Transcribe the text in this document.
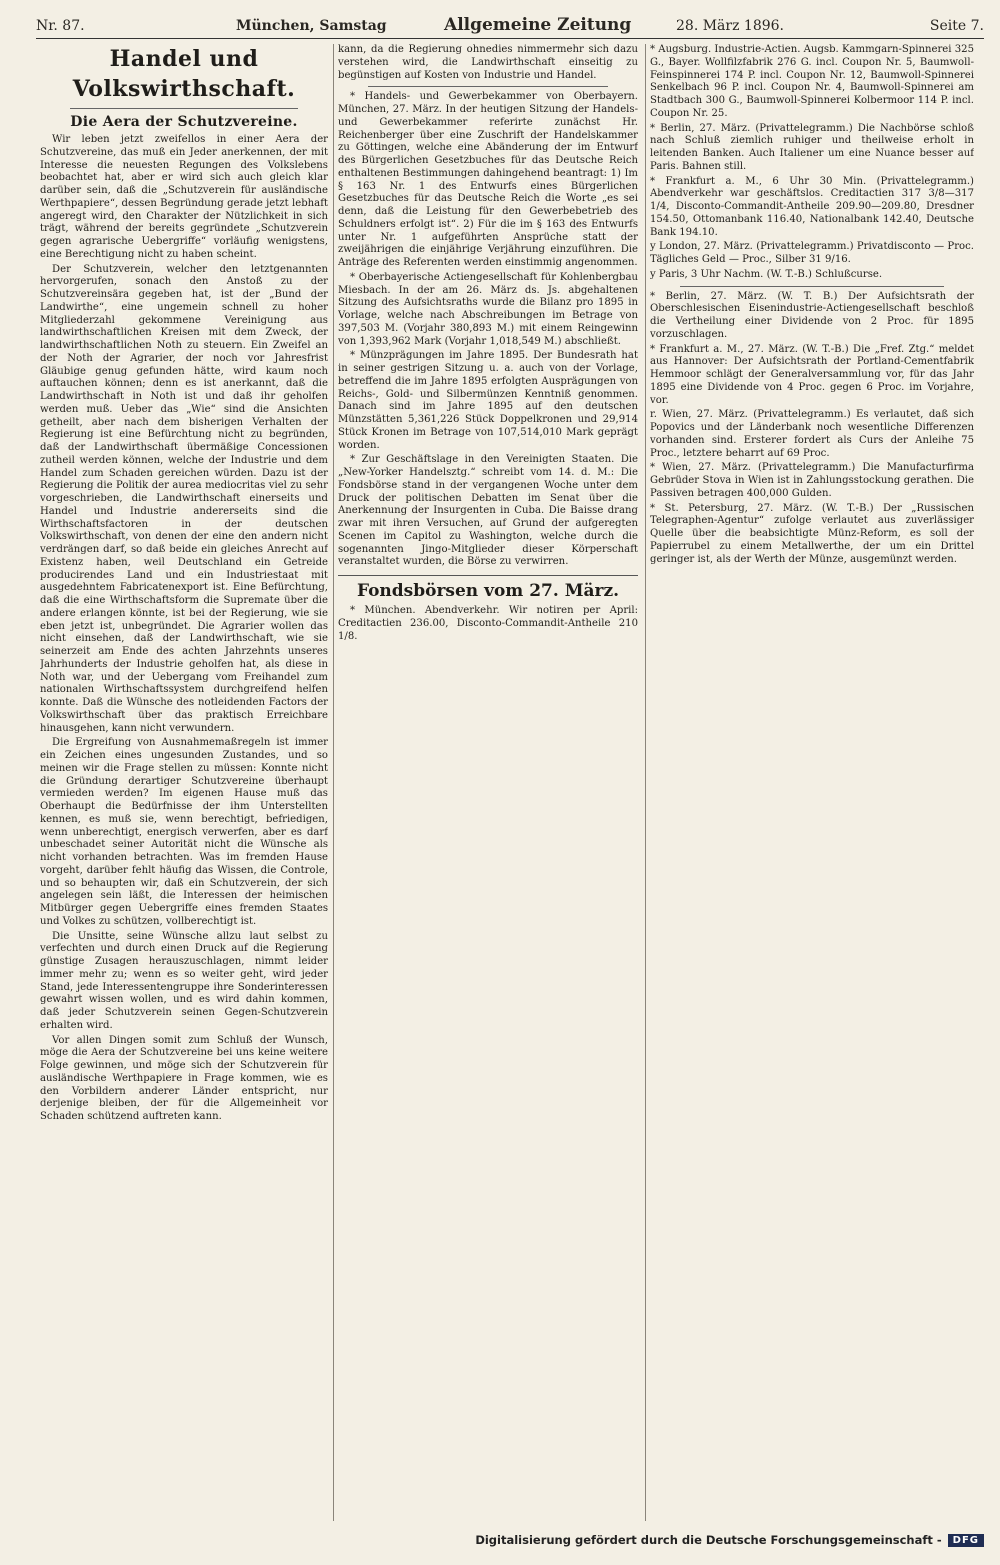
Nr. 87.	München, Samstag	Allgemeine Zeitung	28. März 1896.	Seite 7.
Handel und Volkswirthschaft.
Die Aera der Schutzvereine.

Wir leben jetzt zweifellos in einer Aera der Schutzvereine, das muß ein Jeder anerkennen, der mit Interesse die neuesten Regungen des Volkslebens beobachtet hat, aber er wird sich auch gleich klar darüber sein, daß die „Schutzverein für ausländische Werthpapiere“, dessen Begründung gerade jetzt lebhaft angeregt wird, den Charakter der Nützlichkeit in sich trägt, während der bereits gegründete „Schutzverein gegen agrarische Uebergriffe“ vorläufig wenigstens, eine Berechtigung nicht zu haben scheint.

Der Schutzverein, welcher den letztgenannten hervorgerufen, sonach den Anstoß zu der Schutzvereinsära gegeben hat, ist der „Bund der Landwirthe“, eine ungemein schnell zu hoher Mitgliederzahl gekommene Vereinigung aus landwirthschaftlichen Kreisen mit dem Zweck, der landwirthschaftlichen Noth zu steuern. Ein Zweifel an der Noth der Agrarier, der noch vor Jahresfrist Gläubige genug gefunden hätte, wird kaum noch auftauchen können; denn es ist anerkannt, daß die Landwirthschaft in Noth ist und daß ihr geholfen werden muß. Ueber das „Wie“ sind die Ansichten getheilt, aber nach dem bisherigen Verhalten der Regierung ist eine Befürchtung nicht zu begründen, daß der Landwirthschaft übermäßige Concessionen zutheil werden können, welche der Industrie und dem Handel zum Schaden gereichen würden. Dazu ist der Regierung die Politik der aurea mediocritas viel zu sehr vorgeschrieben, die Landwirthschaft einerseits und Handel und Industrie andererseits sind die Wirthschaftsfactoren in der deutschen Volkswirthschaft, von denen der eine den andern nicht verdrängen darf, so daß beide ein gleiches Anrecht auf Existenz haben, weil Deutschland ein Getreide producirendes Land und ein Industriestaat mit ausgedehntem Fabricatenexport ist. Eine Befürchtung, daß die eine Wirthschaftsform die Supremate über die andere erlangen könnte, ist bei der Regierung, wie sie eben jetzt ist, unbegründet. Die Agrarier wollen das nicht einsehen, daß der Landwirthschaft, wie sie seinerzeit am Ende des achten Jahrzehnts unseres Jahrhunderts der Industrie geholfen hat, als diese in Noth war, und der Uebergang vom Freihandel zum nationalen Wirthschaftssystem durchgreifend helfen konnte. Daß die Wünsche des notleidenden Factors der Volkswirthschaft über das praktisch Erreichbare hinausgehen, kann nicht verwundern.

Die Ergreifung von Ausnahmemaßregeln ist immer ein Zeichen eines ungesunden Zustandes, und so meinen wir die Frage stellen zu müssen: Konnte nicht die Gründung derartiger Schutzvereine überhaupt vermieden werden? Im eigenen Hause muß das Oberhaupt die Bedürfnisse der ihm Unterstellten kennen, es muß sie, wenn berechtigt, befriedigen, wenn unberechtigt, energisch verwerfen, aber es darf unbeschadet seiner Autorität nicht die Wünsche als nicht vorhanden betrachten. Was im fremden Hause vorgeht, darüber fehlt häufig das Wissen, die Controle, und so behaupten wir, daß ein Schutzverein, der sich angelegen sein läßt, die Interessen der heimischen Mitbürger gegen Uebergriffe eines fremden Staates und Volkes zu schützen, vollberechtigt ist.

Die Unsitte, seine Wünsche allzu laut selbst zu verfechten und durch einen Druck auf die Regierung günstige Zusagen herauszuschlagen, nimmt leider immer mehr zu; wenn es so weiter geht, wird jeder Stand, jede Interessentengruppe ihre Sonderinteressen gewahrt wissen wollen, und es wird dahin kommen, daß jeder Schutzverein seinen Gegen-Schutzverein erhalten wird.

Vor allen Dingen somit zum Schluß der Wunsch, möge die Aera der Schutzvereine bei uns keine weitere Folge gewinnen, und möge sich der Schutzverein für ausländische Werthpapiere in Frage kommen, wie es den Vorbildern anderer Länder entspricht, nur derjenige bleiben, der für die Allgemeinheit vor Schaden schützend auftreten kann.

kann, da die Regierung ohnedies nimmermehr sich dazu verstehen wird, die Landwirthschaft einseitig zu begünstigen auf Kosten von Industrie und Handel.

* Handels- und Gewerbekammer von Oberbayern. München, 27. März. In der heutigen Sitzung der Handels- und Gewerbekammer referirte zunächst Hr. Reichenberger über eine Zuschrift der Handelskammer zu Göttingen, welche eine Abänderung der im Entwurf des Bürgerlichen Gesetzbuches für das Deutsche Reich enthaltenen Bestimmungen dahingehend beantragt: 1) Im § 163 Nr. 1 des Entwurfs eines Bürgerlichen Gesetzbuches für das Deutsche Reich die Worte „es sei denn, daß die Leistung für den Gewerbebetrieb des Schuldners erfolgt ist“. 2) Für die im § 163 des Entwurfs unter Nr. 1 aufgeführten Ansprüche statt der zweijährigen die einjährige Verjährung einzuführen. Die Anträge des Referenten werden einstimmig angenommen.

* Oberbayerische Actiengesellschaft für Kohlenbergbau Miesbach. In der am 26. März ds. Js. abgehaltenen Sitzung des Aufsichtsraths wurde die Bilanz pro 1895 in Vorlage, welche nach Abschreibungen im Betrage von 397,503 M. (Vorjahr 380,893 M.) mit einem Reingewinn von 1,393,962 Mark (Vorjahr 1,018,549 M.) abschließt.

* Münzprägungen im Jahre 1895. Der Bundesrath hat in seiner gestrigen Sitzung u. a. auch von der Vorlage, betreffend die im Jahre 1895 erfolgten Ausprägungen von Reichs-, Gold- und Silbermünzen Kenntniß genommen. Danach sind im Jahre 1895 auf den deutschen Münzstätten 5,361,226 Stück Doppelkronen und 29,914 Stück Kronen im Betrage von 107,514,010 Mark geprägt worden.

* Zur Geschäftslage in den Vereinigten Staaten. Die „New-Yorker Handelsztg.“ schreibt vom 14. d. M.: Die Fondsbörse stand in der vergangenen Woche unter dem Druck der politischen Debatten im Senat über die Anerkennung der Insurgenten in Cuba. Die Baisse drang zwar mit ihren Versuchen, auf Grund der aufgeregten Scenen im Capitol zu Washington, welche durch die sogenannten Jingo-Mitglieder dieser Körperschaft veranstaltet wurden, die Börse zu verwirren.

Fondsbörsen vom 27. März.

* München. Abendverkehr. Wir notiren per April: Creditactien 236.00, Disconto-Commandit-Antheile 210 1/8.

* Augsburg. Industrie-Actien. Augsb. Kammgarn-Spinnerei 325 G., Bayer. Wollfilzfabrik 276 G. incl. Coupon Nr. 5, Baumwoll-Feinspinnerei 174 P. incl. Coupon Nr. 12, Baumwoll-Spinnerei Senkelbach 96 P. incl. Coupon Nr. 4, Baumwoll-Spinnerei am Stadtbach 300 G., Baumwoll-Spinnerei Kolbermoor 114 P. incl. Coupon Nr. 25.

* Berlin, 27. März. (Privattelegramm.) Die Nachbörse schloß nach Schluß ziemlich ruhiger und theilweise erholt in leitenden Banken. Auch Italiener um eine Nuance besser auf Paris. Bahnen still.

* Frankfurt a. M., 6 Uhr 30 Min. (Privattelegramm.) Abendverkehr war geschäftslos. Creditactien 317 3/8—317 1/4, Disconto-Commandit-Antheile 209.90—209.80, Dresdner 154.50, Ottomanbank 116.40, Nationalbank 142.40, Deutsche Bank 194.10.

y London, 27. März. (Privattelegramm.) Privatdisconto — Proc. Tägliches Geld — Proc., Silber 31 9/16.

y Paris, 3 Uhr Nachm. (W. T.-B.) Schlußcurse.

* Berlin, 27. März. (W. T. B.) Der Aufsichtsrath der Oberschlesischen Eisenindustrie-Actiengesellschaft beschloß die Vertheilung einer Dividende von 2 Proc. für 1895 vorzuschlagen.

* Frankfurt a. M., 27. März. (W. T.-B.) Die „Fref. Ztg.“ meldet aus Hannover: Der Aufsichtsrath der Portland-Cementfabrik Hemmoor schlägt der Generalversammlung vor, für das Jahr 1895 eine Dividende von 4 Proc. gegen 6 Proc. im Vorjahre, vor.

r. Wien, 27. März. (Privattelegramm.) Es verlautet, daß sich Popovics und der Länderbank noch wesentliche Differenzen vorhanden sind. Ersterer fordert als Curs der Anleihe 75 Proc., letztere beharrt auf 69 Proc.

* Wien, 27. März. (Privattelegramm.) Die Manufacturfirma Gebrüder Stova in Wien ist in Zahlungsstockung gerathen. Die Passiven betragen 400,000 Gulden.

* St. Petersburg, 27. März. (W. T.-B.) Der „Russischen Telegraphen-Agentur“ zufolge verlautet aus zuverlässiger Quelle über die beabsichtigte Münz-Reform, es soll der Papierrubel zu einem Metallwerthe, der um ein Drittel geringer ist, als der Werth der Münze, ausgemünzt werden.

Digitalisierung gefördert durch die Deutsche Forschungsgemeinschaft - DFG
